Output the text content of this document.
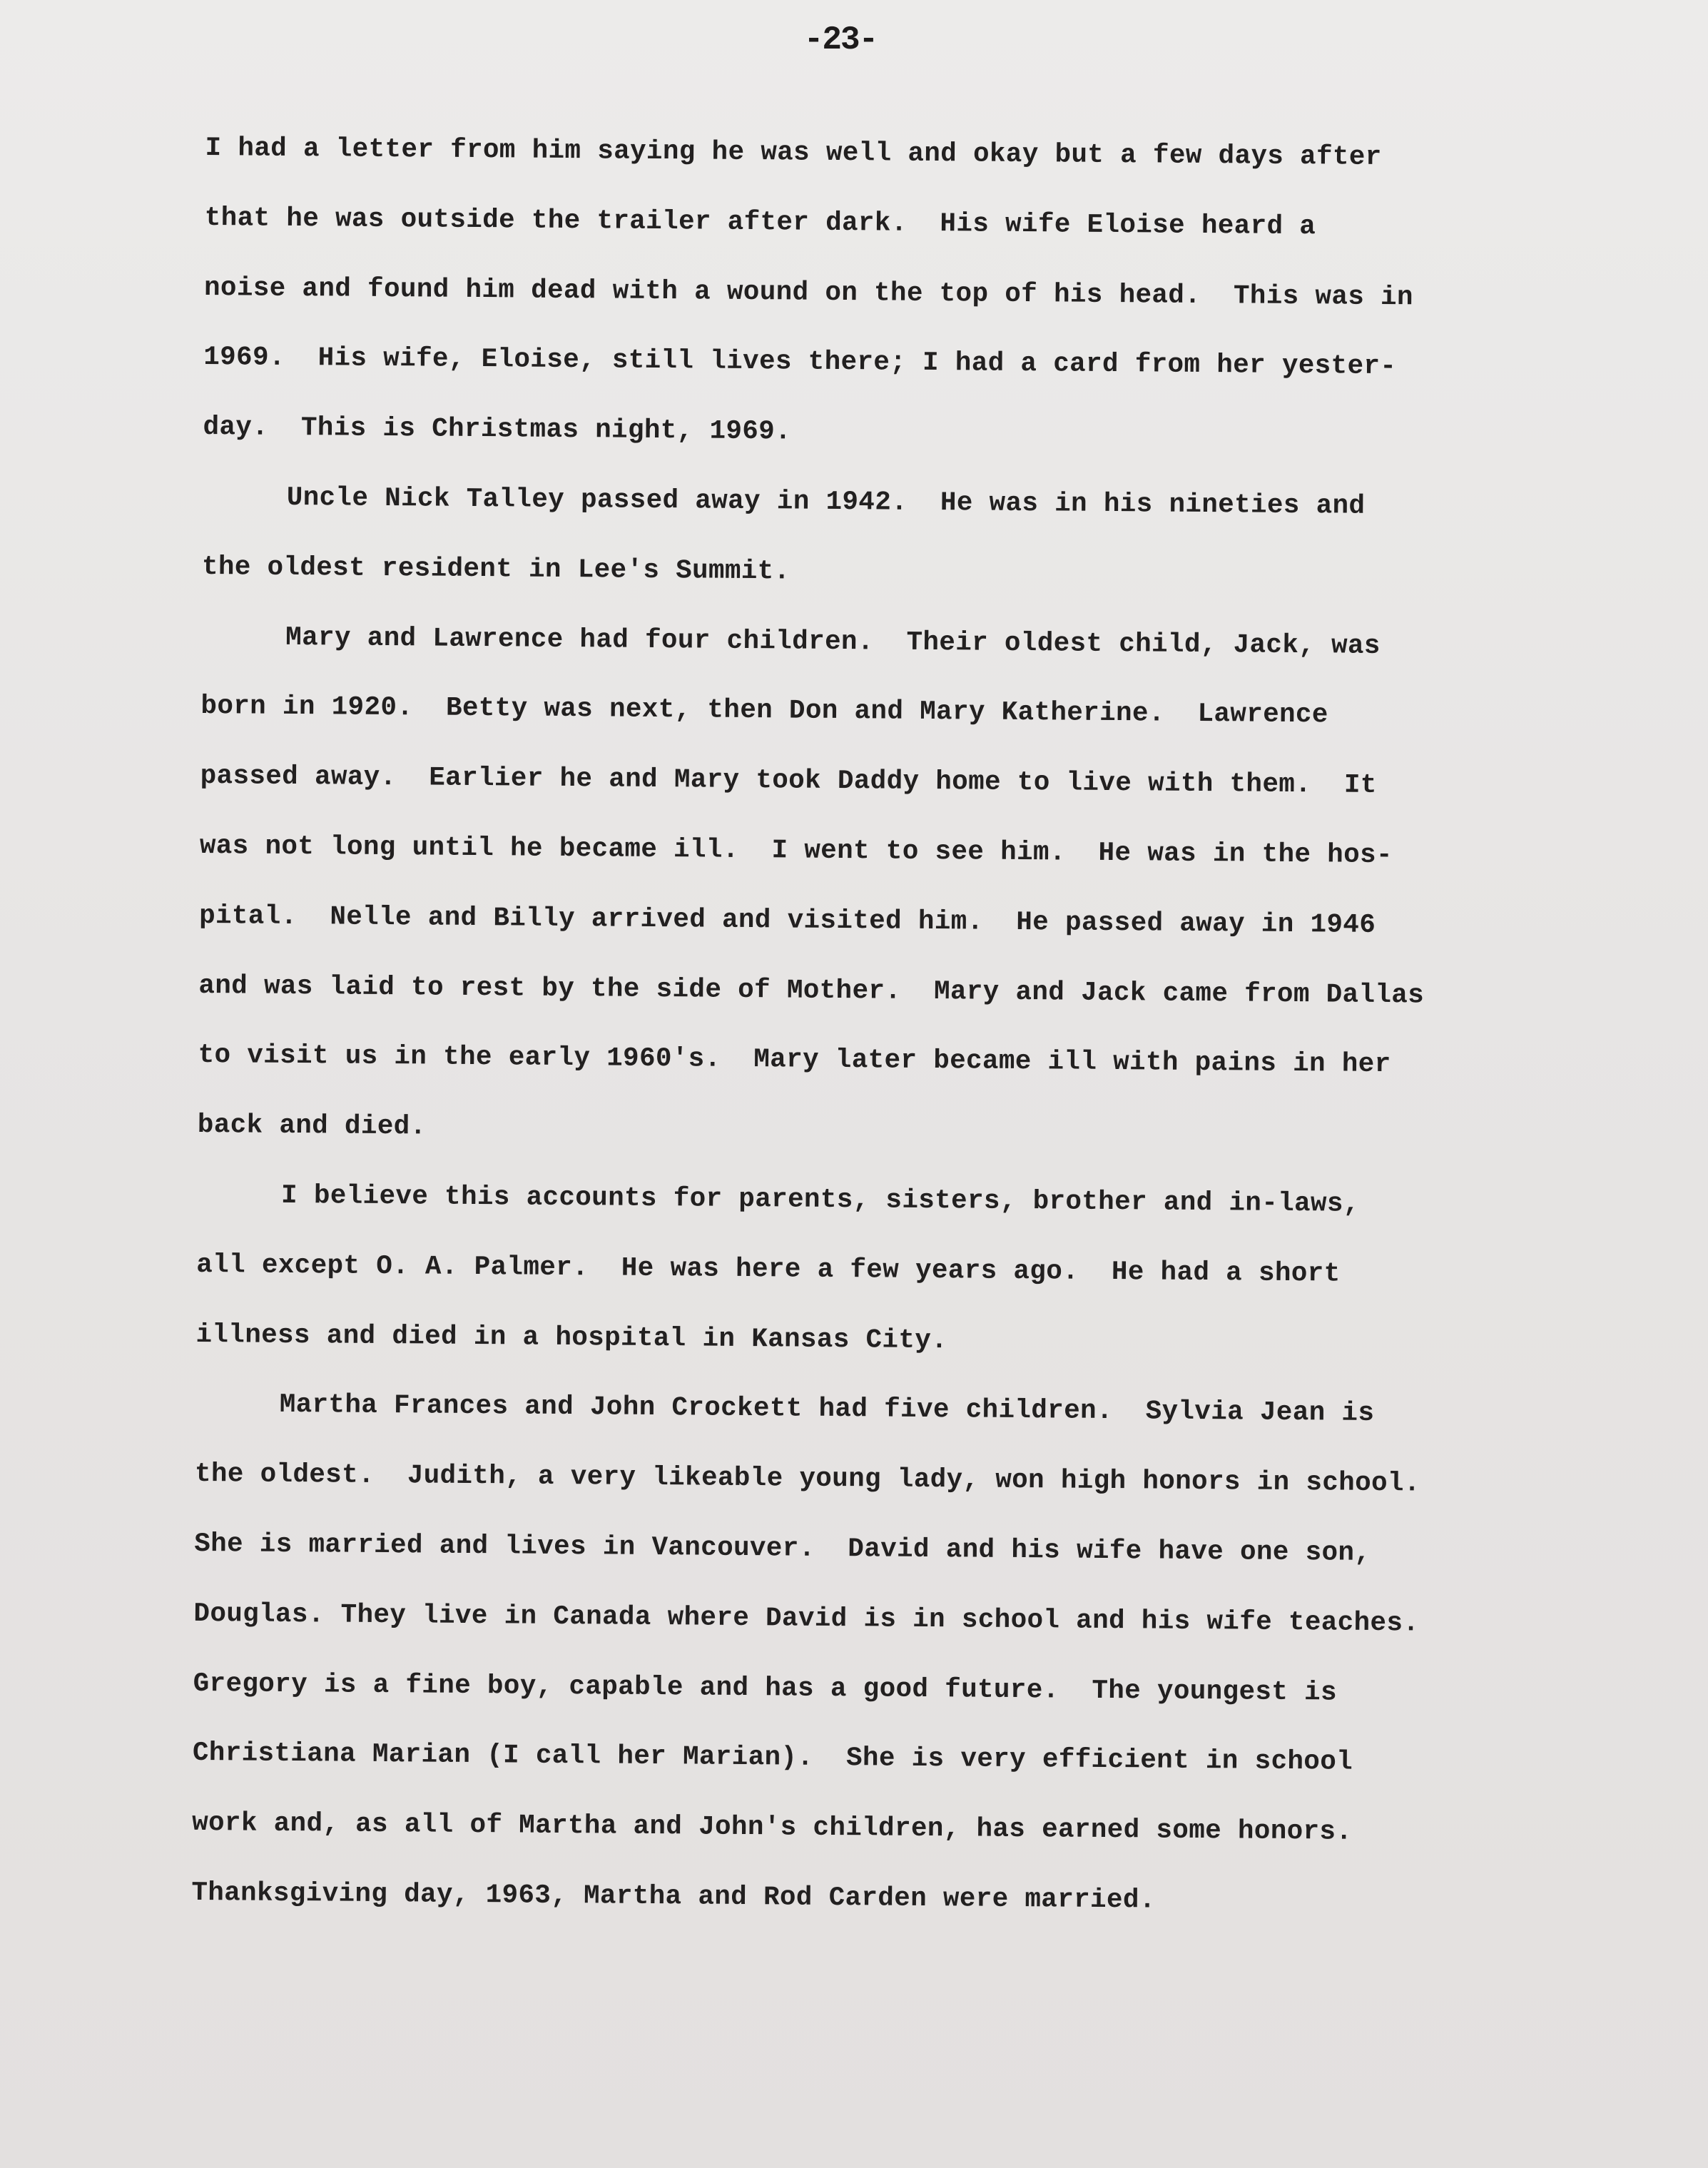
-23-
I had a letter from him saying he was well and okay but a few days after
that he was outside the trailer after dark.  His wife Eloise heard a
noise and found him dead with a wound on the top of his head.  This was in
1969.  His wife, Eloise, still lives there; I had a card from her yester-
day.  This is Christmas night, 1969.
Uncle Nick Talley passed away in 1942.  He was in his nineties and
the oldest resident in Lee's Summit.
Mary and Lawrence had four children.  Their oldest child, Jack, was
born in 1920.  Betty was next, then Don and Mary Katherine.  Lawrence
passed away.  Earlier he and Mary took Daddy home to live with them.  It
was not long until he became ill.  I went to see him.  He was in the hos-
pital.  Nelle and Billy arrived and visited him.  He passed away in 1946
and was laid to rest by the side of Mother.  Mary and Jack came from Dallas
to visit us in the early 1960's.  Mary later became ill with pains in her
back and died.
I believe this accounts for parents, sisters, brother and in-laws,
all except O. A. Palmer.  He was here a few years ago.  He had a short
illness and died in a hospital in Kansas City.
Martha Frances and John Crockett had five children.  Sylvia Jean is
the oldest.  Judith, a very likeable young lady, won high honors in school.
She is married and lives in Vancouver.  David and his wife have one son,
Douglas. They live in Canada where David is in school and his wife teaches.
Gregory is a fine boy, capable and has a good future.  The youngest is
Christiana Marian (I call her Marian).  She is very efficient in school
work and, as all of Martha and John's children, has earned some honors.
Thanksgiving day, 1963, Martha and Rod Carden were married.
